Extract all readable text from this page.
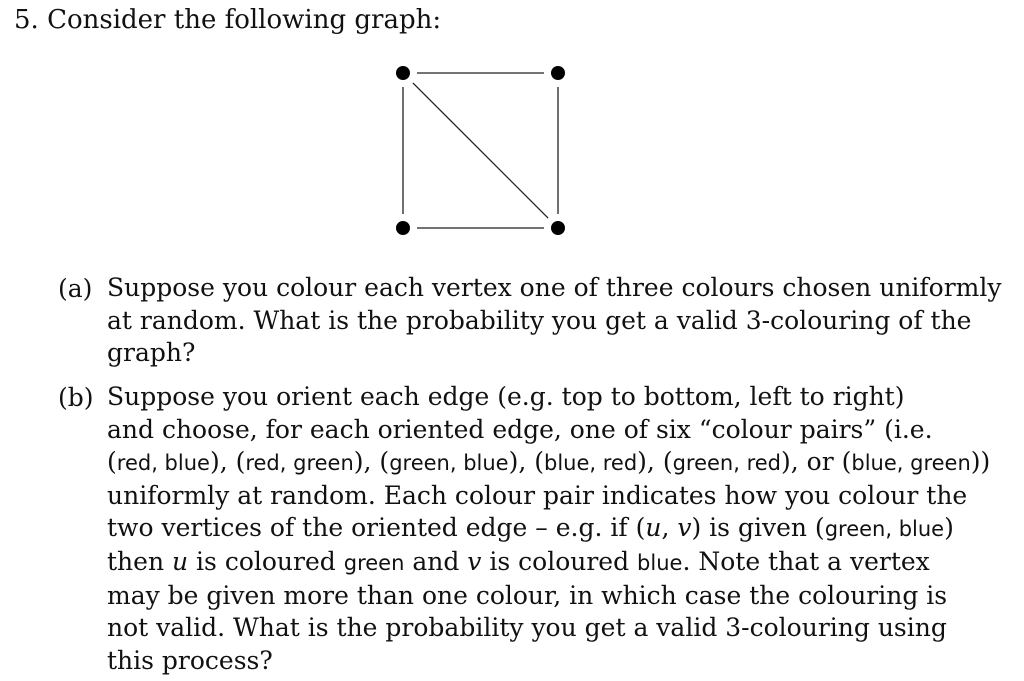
5. Consider the following graph:
(a) Suppose you colour each vertex one of three colours chosen uniformly
at random. What is the probability you get a valid 3-colouring of the
graph?
(b) Suppose you orient each edge (e.g. top to bottom, left to right)
and choose, for each oriented edge, one of six “colour pairs” (i.e.
(red, blue), (red, green), (green, blue), (blue, red), (green, red), or (blue, green))
uniformly at random. Each colour pair indicates how you colour the
two vertices of the oriented edge – e.g. if (u, v) is given (green, blue)
then u is coloured green and v is coloured blue. Note that a vertex
may be given more than one colour, in which case the colouring is
not valid. What is the probability you get a valid 3-colouring using
this process?
